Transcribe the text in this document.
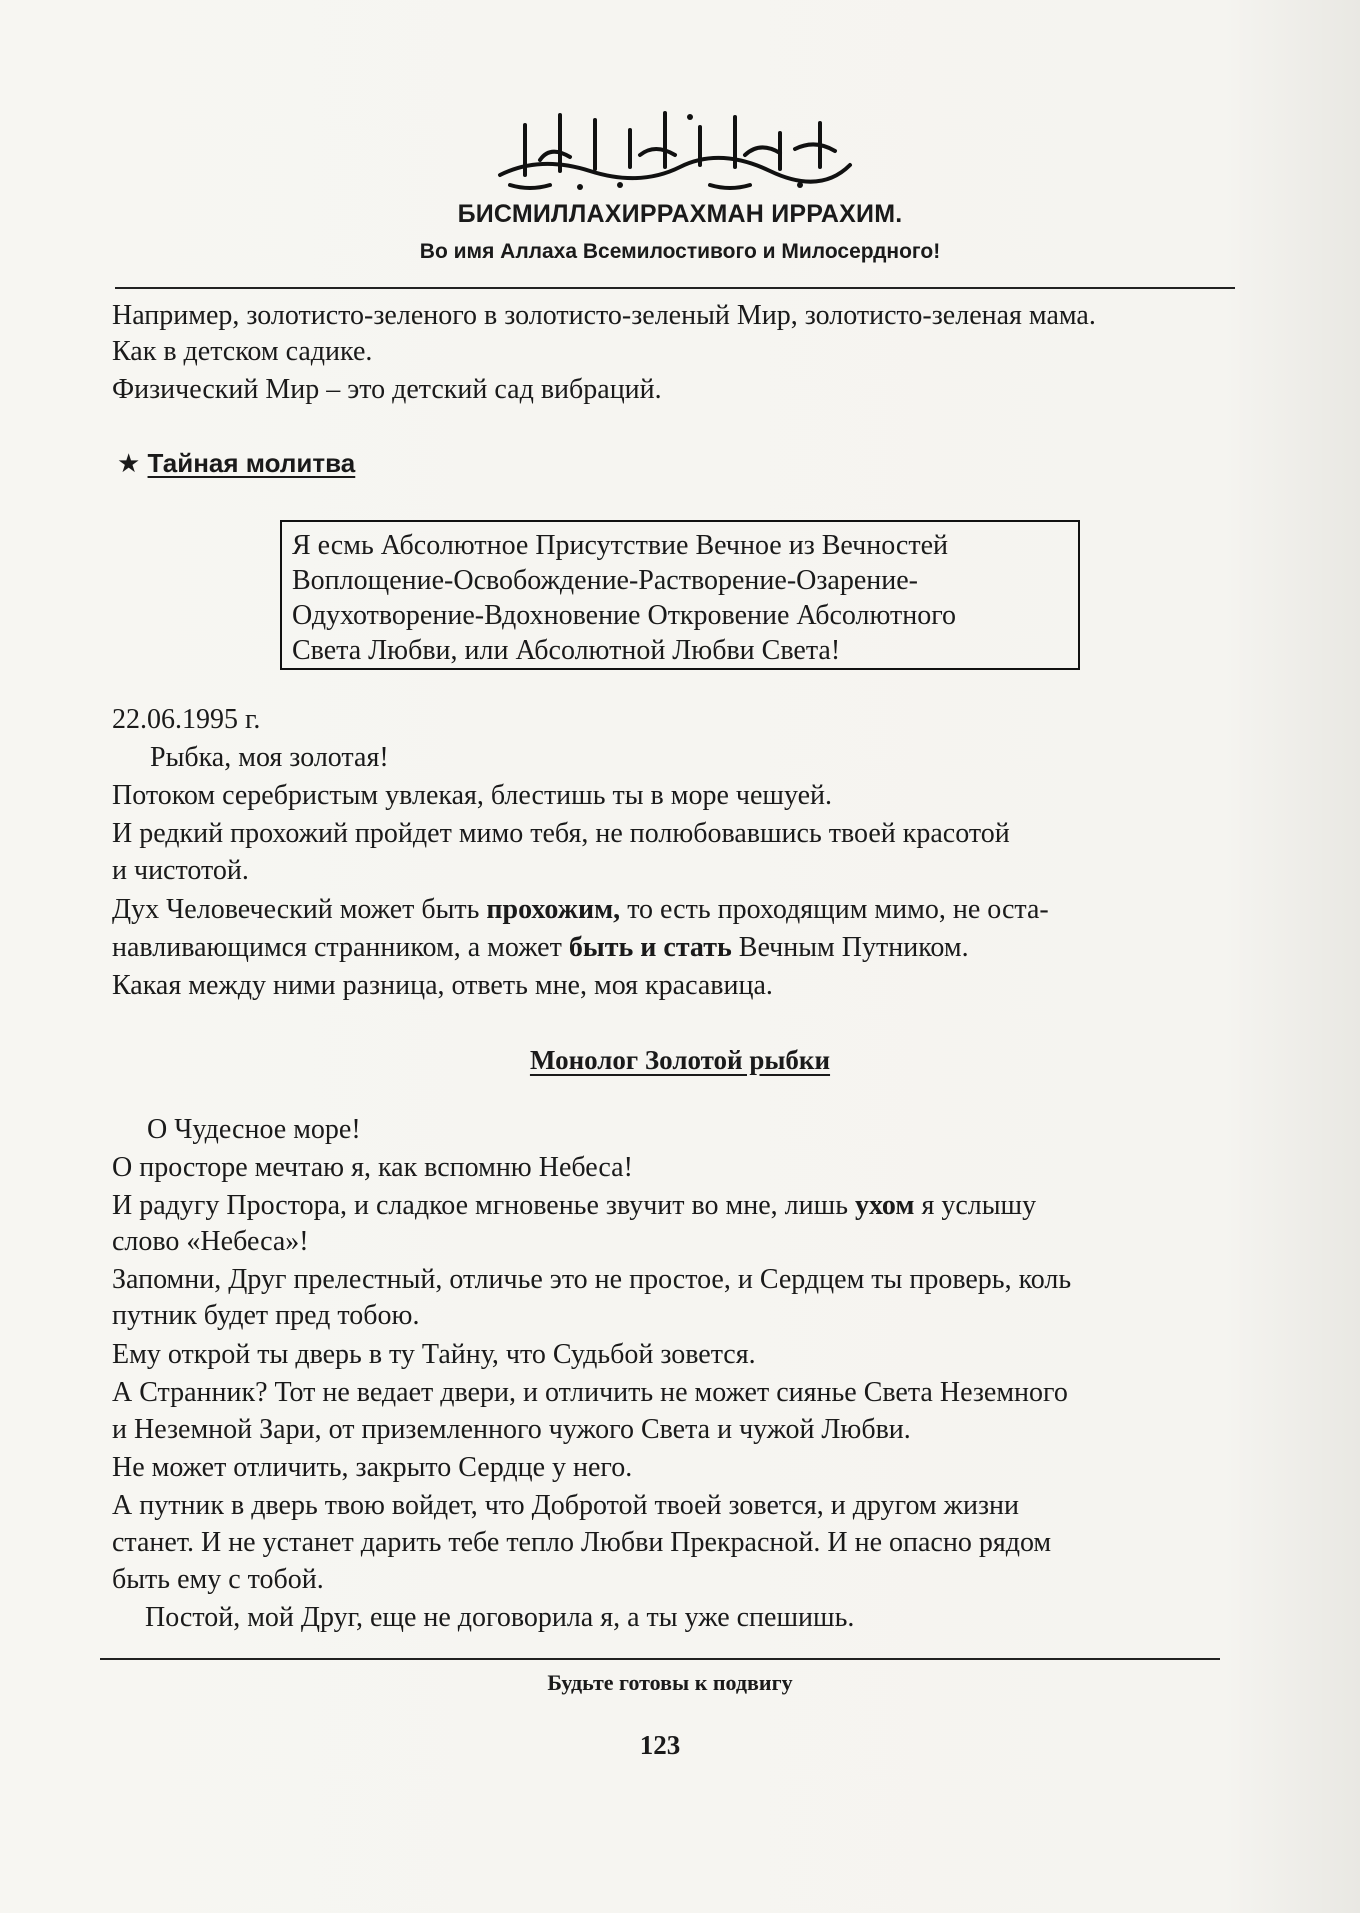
БИСМИЛЛАХИРРАХМАН ИРРАХИМ.
Во имя Аллаха Всемилостивого и Милосердного!
Например, золотисто-зеленого в золотисто-зеленый Мир, золотисто-зеленая мама.
Как в детском садике.
Физический Мир – это детский сад вибраций.
★ Тайная молитва
Я есмь Абсолютное Присутствие Вечное из Вечностей
Воплощение-Освобождение-Растворение-Озарение-
Одухотворение-Вдохновение Откровение Абсолютного
Света Любви, или Абсолютной Любви Света!
22.06.1995 г.
Рыбка, моя золотая!
Потоком серебристым увлекая, блестишь ты в море чешуей.
И редкий прохожий пройдет мимо тебя, не полюбовавшись твоей красотой
и чистотой.
Дух Человеческий может быть прохожим, то есть проходящим мимо, не оста-
навливающимся странником, а может быть и стать Вечным Путником.
Какая между ними разница, ответь мне, моя красавица.
Монолог Золотой рыбки
О Чудесное море!
О просторе мечтаю я, как вспомню Небеса!
И радугу Простора, и сладкое мгновенье звучит во мне, лишь ухом я услышу
слово «Небеса»!
Запомни, Друг прелестный, отличье это не простое, и Сердцем ты проверь, коль
путник будет пред тобою.
Ему открой ты дверь в ту Тайну, что Судьбой зовется.
А Странник? Тот не ведает двери, и отличить не может сиянье Света Неземного
и Неземной Зари, от приземленного чужого Света и чужой Любви.
Не может отличить, закрыто Сердце у него.
А путник в дверь твою войдет, что Добротой твоей зовется, и другом жизни
станет. И не устанет дарить тебе тепло Любви Прекрасной. И не опасно рядом
быть ему с тобой.
Постой, мой Друг, еще не договорила я, а ты уже спешишь.
Будьте готовы к подвигу
123
